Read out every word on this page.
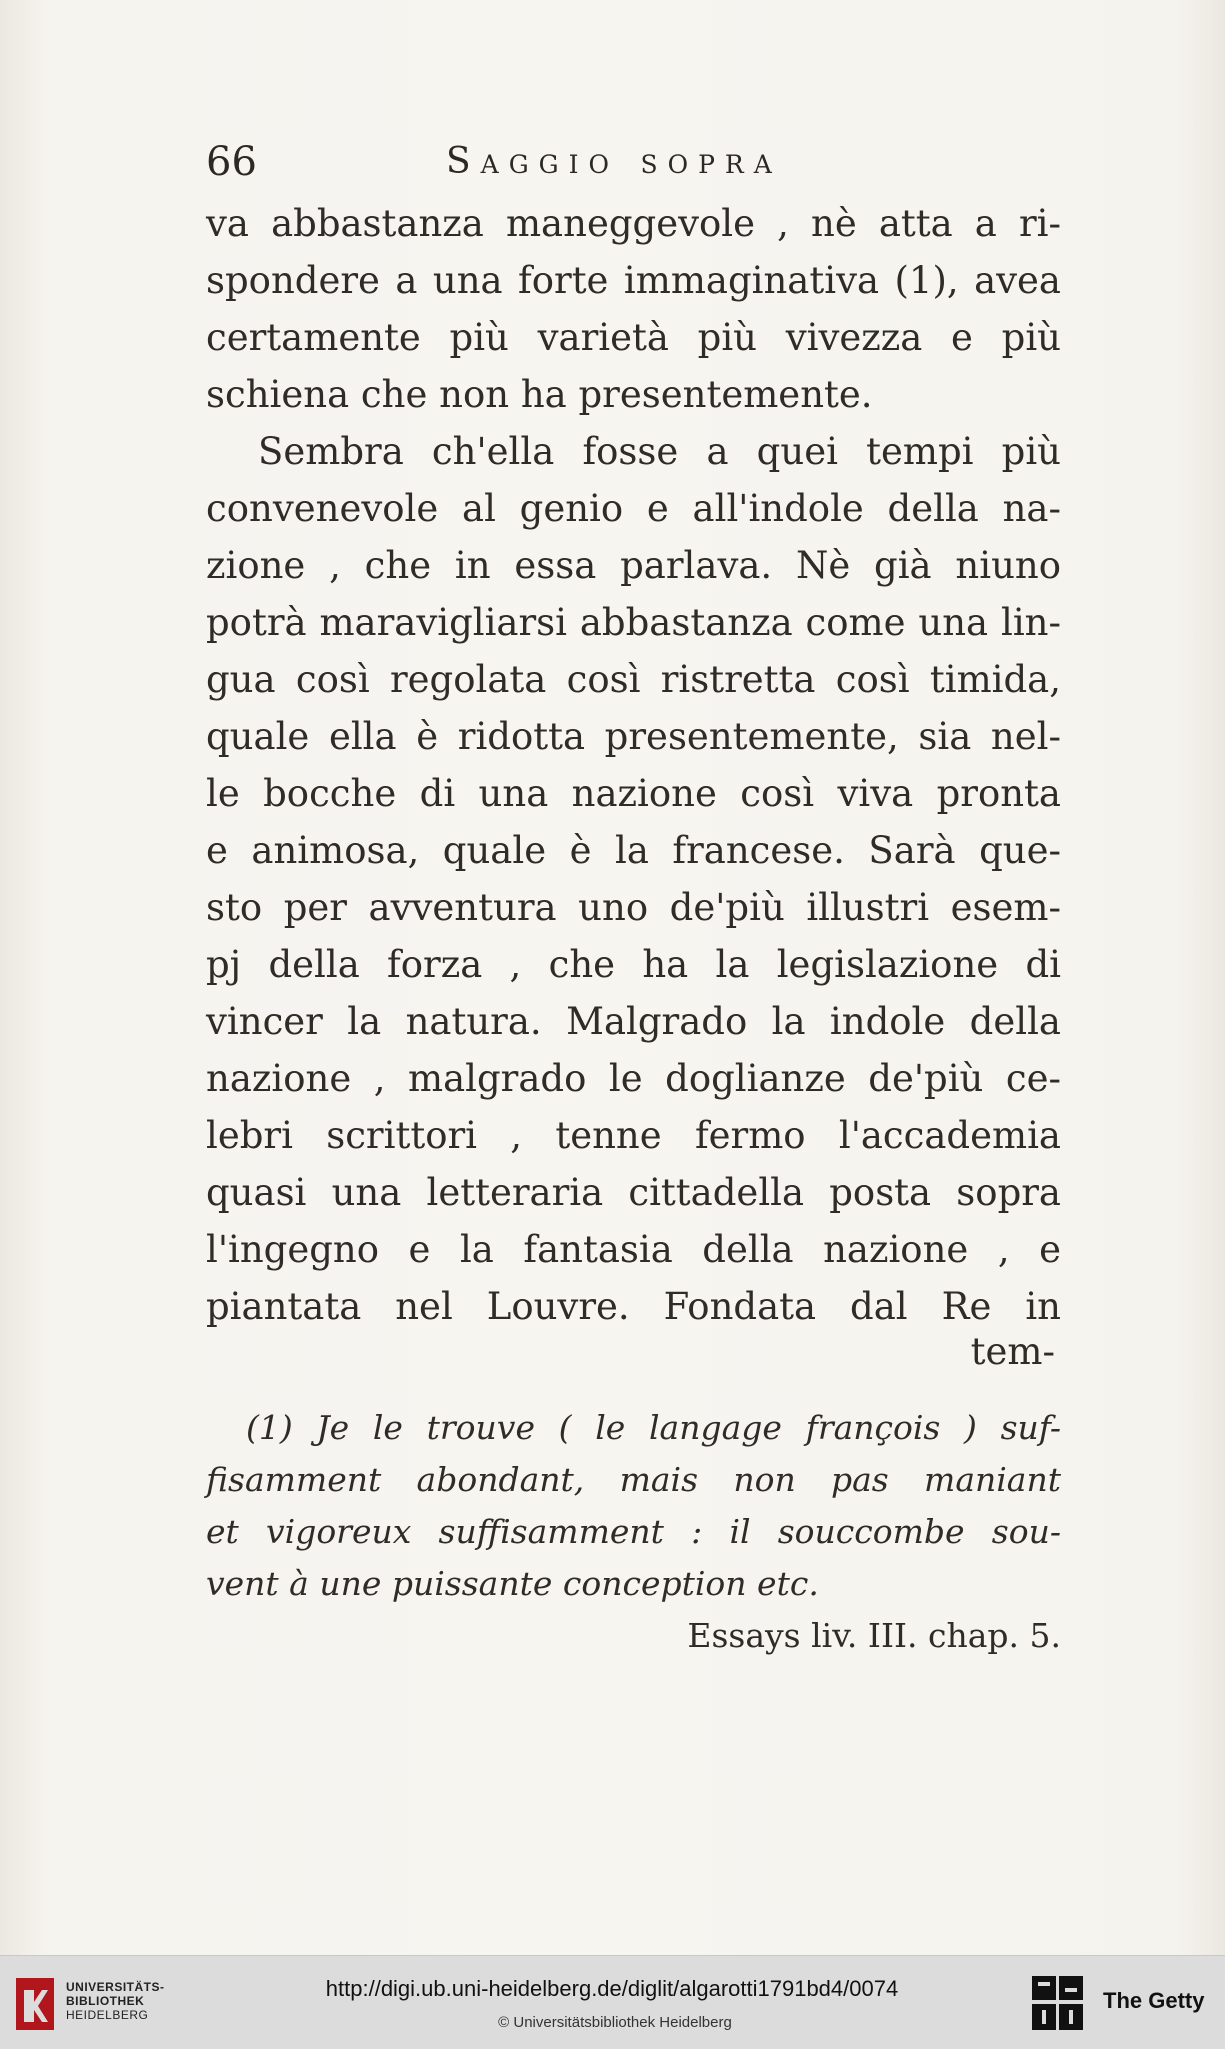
66	Saggio sopra
va abbastanza maneggevole , nè atta a ri-
spondere a una forte immaginativa (1), avea
certamente più varietà più vivezza e più
schiena che non ha presentemente.
Sembra ch'ella fosse a quei tempi più
convenevole al genio e all'indole della na-
zione , che in essa parlava. Nè già niuno
potrà maravigliarsi abbastanza come una lin-
gua così regolata così ristretta così timida,
quale ella è ridotta presentemente, sia nel-
le bocche di una nazione così viva pronta
e animosa, quale è la francese. Sarà que-
sto per avventura uno de'più illustri esem-
pj della forza , che ha la legislazione di
vincer la natura. Malgrado la indole della
nazione , malgrado le doglianze de'più ce-
lebri scrittori , tenne fermo l'accademia
quasi una letteraria cittadella posta sopra
l'ingegno e la fantasia della nazione , e
piantata nel Louvre. Fondata dal Re in
tem-
(1) Je le trouve ( le langage françois ) suf-
fisamment abondant, mais non pas maniant
et vigoreux suffisamment : il souccombe sou-
vent à une puissante conception etc.
Essays liv. III. chap. 5.
UNIVERSITÄTS-
BIBLIOTHEK
HEIDELBERG
http://digi.ub.uni-heidelberg.de/diglit/algarotti1791bd4/0074
© Universitätsbibliothek Heidelberg
The Getty
